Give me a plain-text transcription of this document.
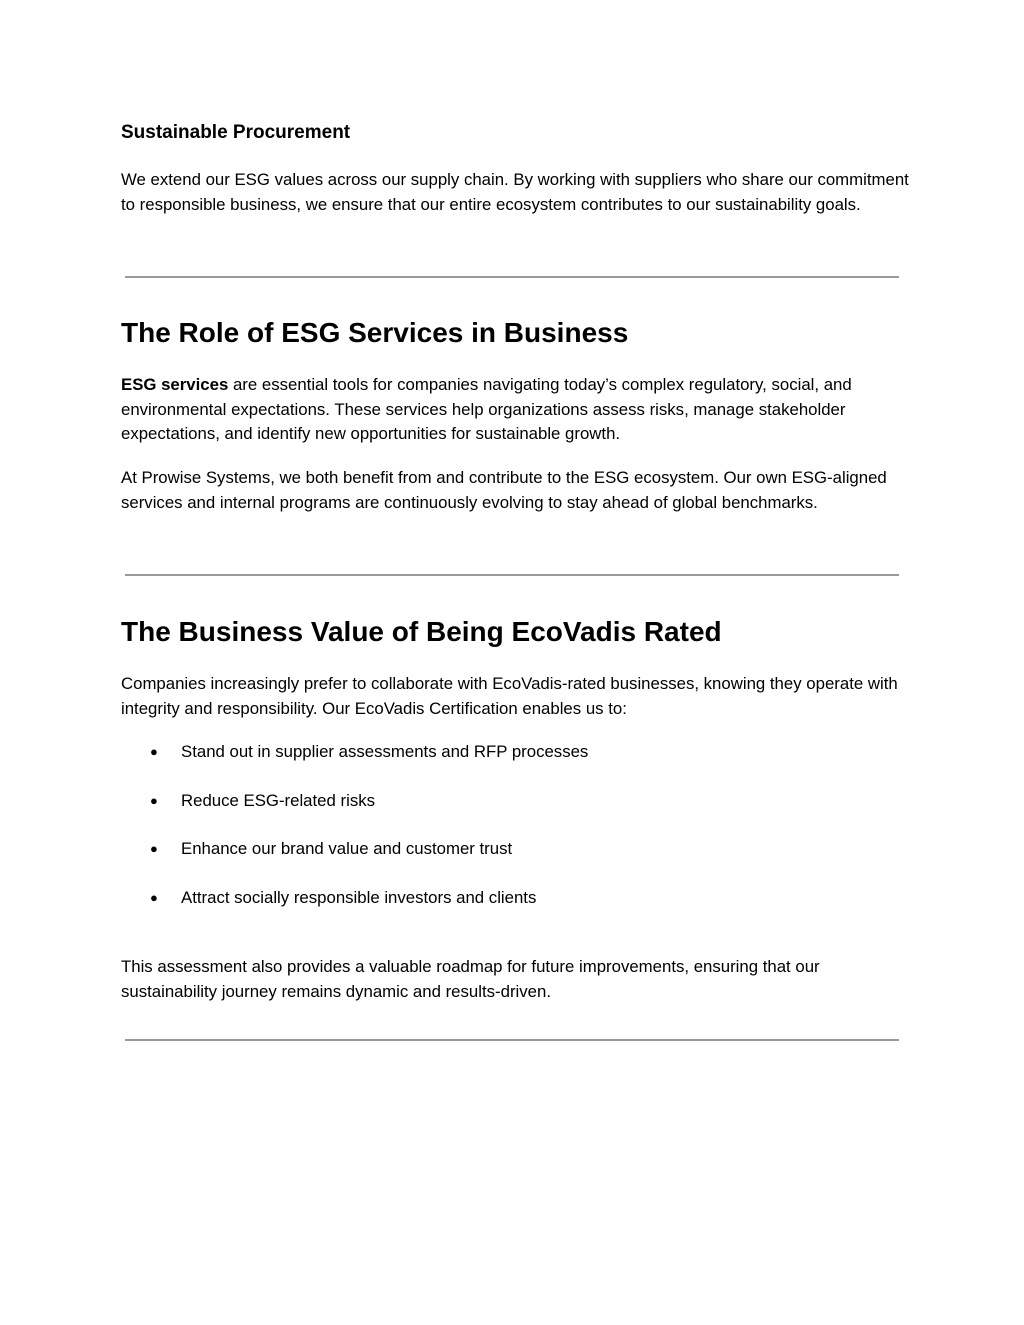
Sustainable Procurement

We extend our ESG values across our supply chain. By working with suppliers who share our commitment to responsible business, we ensure that our entire ecosystem contributes to our sustainability goals.

The Role of ESG Services in Business

ESG services are essential tools for companies navigating today’s complex regulatory, social, and environmental expectations. These services help organizations assess risks, manage stakeholder expectations, and identify new opportunities for sustainable growth.

At Prowise Systems, we both benefit from and contribute to the ESG ecosystem. Our own ESG-aligned services and internal programs are continuously evolving to stay ahead of global benchmarks.

The Business Value of Being EcoVadis Rated

Companies increasingly prefer to collaborate with EcoVadis-rated businesses, knowing they operate with integrity and responsibility. Our EcoVadis Certification enables us to:

●	Stand out in supplier assessments and RFP processes
●	Reduce ESG-related risks
●	Enhance our brand value and customer trust
●	Attract socially responsible investors and clients

This assessment also provides a valuable roadmap for future improvements, ensuring that our sustainability journey remains dynamic and results-driven.
